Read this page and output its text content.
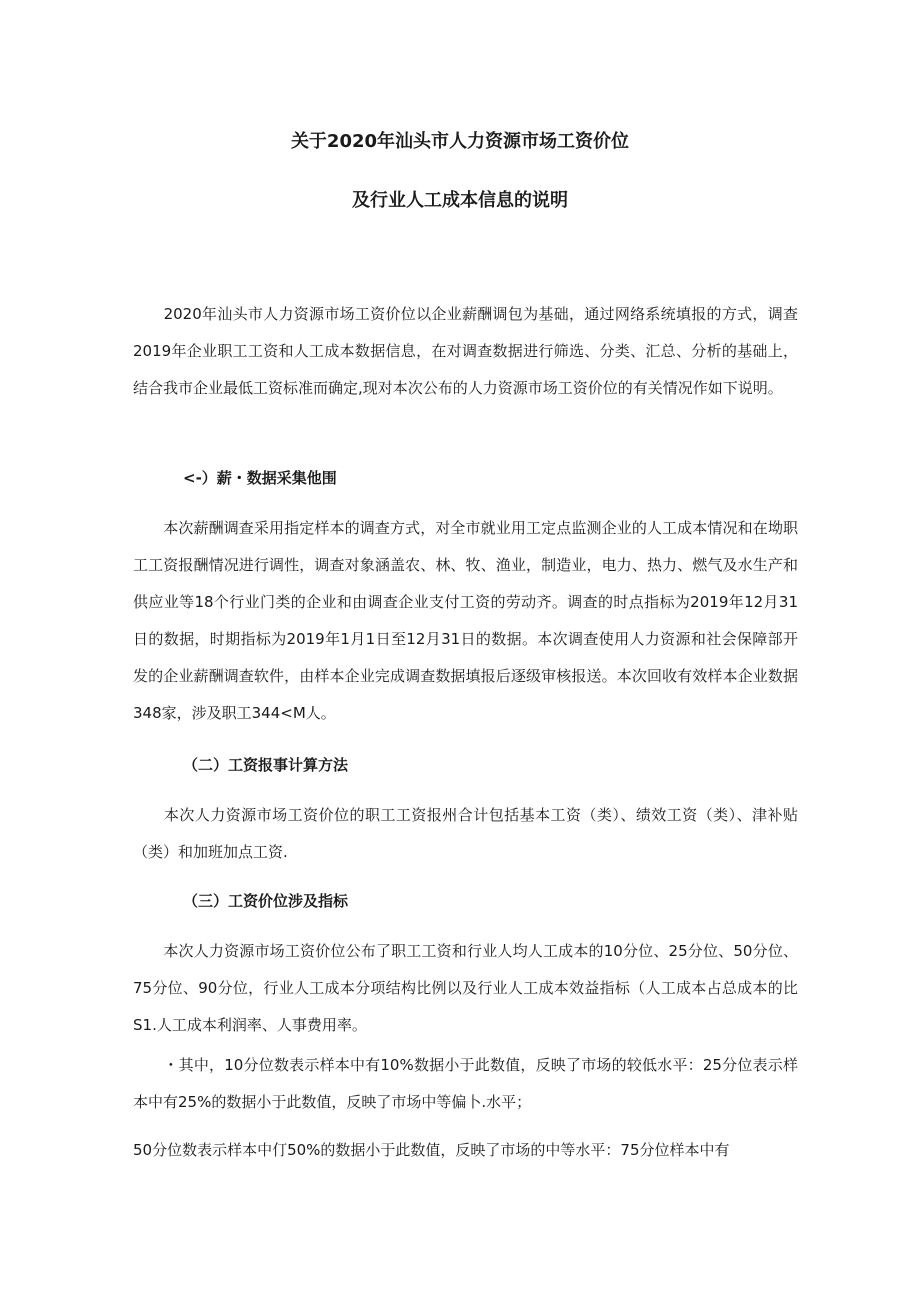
关于2020年汕头市人力资源市场工资价位
及行业人工成本信息的说明

　　2020年汕头市人力资源市场工资价位以企业薪酬调包为基础，通过网络系统填报的方式，调查2019年企业职工工资和人工成本数据信息，在对调查数据进行筛选、分类、汇总、分析的基础上，结合我市企业最低工资标准而确定,现对本次公布的人力资源市场工资价位的有关情况作如下说明。

<-）薪・数据采集他围

　　本次薪酬调查采用指定样本的调查方式，对全市就业用工定点监测企业的人工成本情况和在坳职工工资报酬情况进行调性，调查对象涵盖农、林、牧、渔业，制造业，电力、热力、燃气及水生产和供应业等18个行业门类的企业和由调查企业支付工资的劳动齐。调查的时点指标为2019年12月31日的数据，时期指标为2019年1月1日至12月31日的数据。本次调查使用人力资源和社会保障部开发的企业薪酬调查软件，由样本企业完成调查数据填报后逐级审核报送。本次回收有效样本企业数据348家，涉及职工344<M人。

（二）工资报事计算方法

　　本次人力资源市场工资价位的职工工资报州合计包括基本工资（类）、绩效工资（类）、津补贴（类）和加班加点工资.

（三）工资价位涉及指标

　　本次人力资源市场工资价位公布了职工工资和行业人均人工成本的10分位、25分位、50分位、75分位、90分位，行业人工成本分项结构比例以及行业人工成本效益指标（人工成本占总成本的比S1.人工成本利润率、人事费用率。

　　・其中，10分位数表示样本中有10%数据小于此数值，反映了市场的较低水平：25分位表示样本中有25%的数据小于此数值，反映了市场中等偏卜.水平；

50分位数表示样本中仃50%的数据小于此数值，反映了市场的中等水平：75分位样本中有
